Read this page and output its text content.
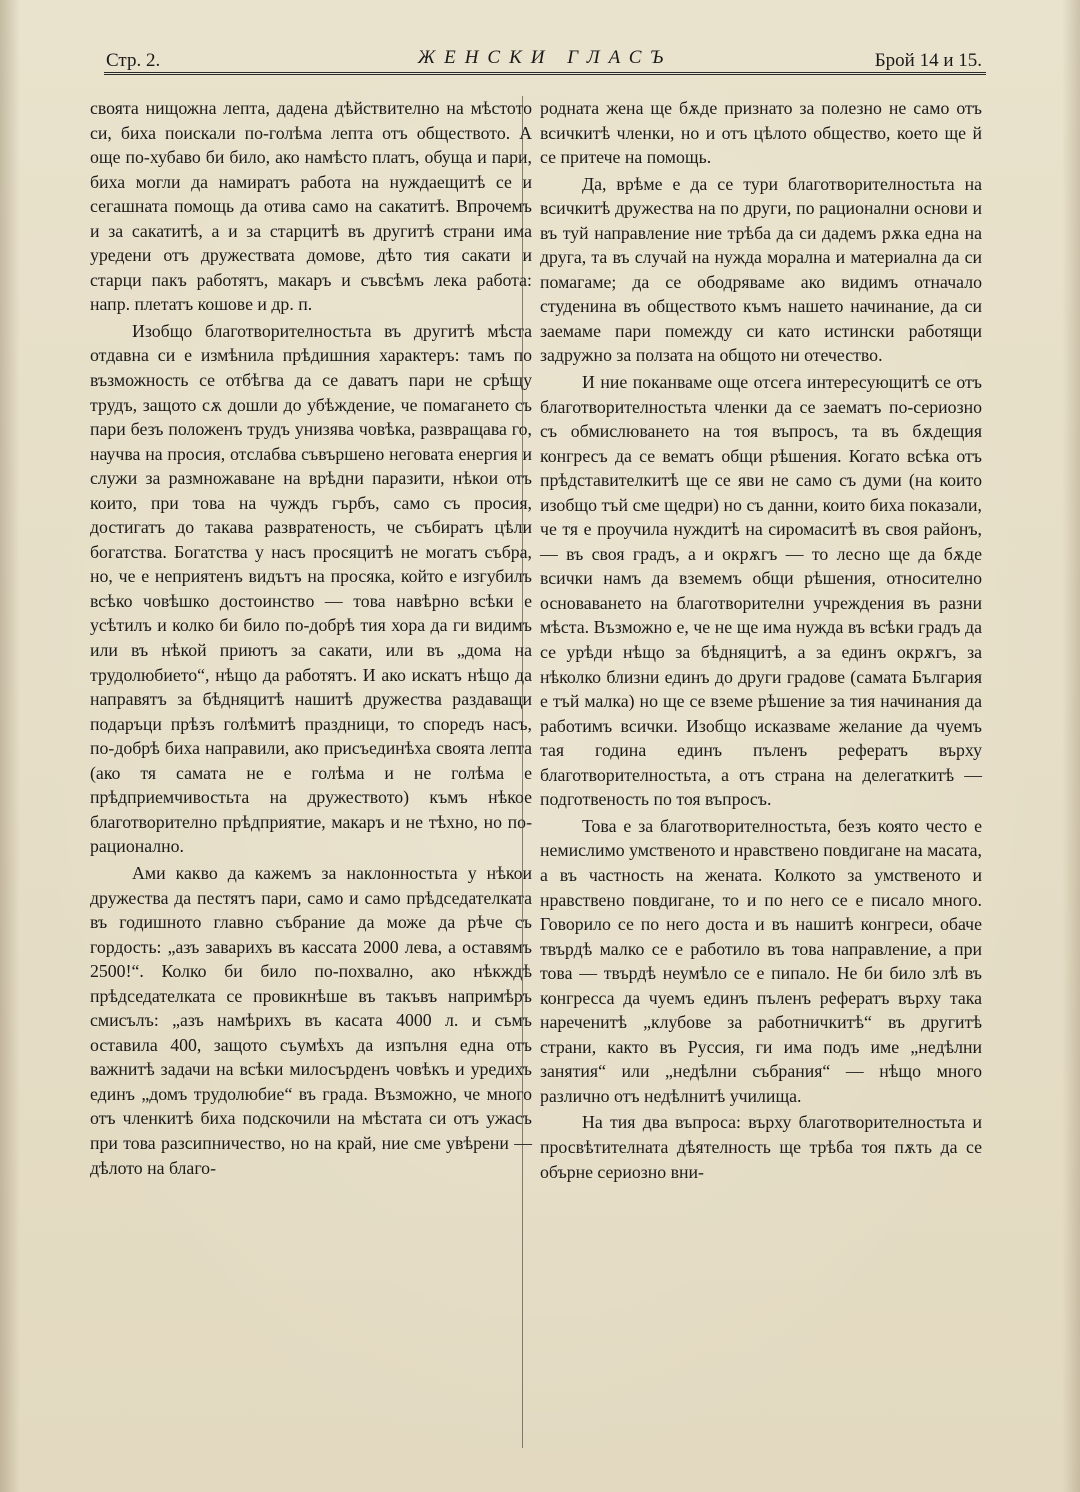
Стр. 2.	ЖЕНСКИ ГЛАСЪ	Брой 14 и 15.

своята нищожна лепта, дадена дѣйствително на мѣстото си, биха поискали по-голѣма лепта отъ обществото. А още по-хубаво би било, ако намѣсто платъ, обуща и пари, биха могли да намиратъ работа на нуждаещитѣ се и сегашната помощь да отива само на сакатитѣ. Впрочемъ и за сакатитѣ, а и за старцитѣ въ другитѣ страни има уредени отъ дружествата домове, дѣто тия сакати и старци пакъ работятъ, макаръ и съвсѣмъ лека работа: напр. плетатъ кошове и др. п.

Изобщо благотворителностьта въ другитѣ мѣста отдавна си е измѣнила прѣдишния характеръ: тамъ по възможность се отбѣгва да се даватъ пари не срѣщу трудъ, защото сѫ дошли до убѣждение, че помагането съ пари безъ положенъ трудъ унизява човѣка, развращава го, научва на просия, отслабва съвършено неговата енергия и служи за размножаване на врѣдни паразити, нѣкои отъ които, при това на чуждъ гърбъ, само съ просия, достигатъ до такава развратеность, че събиратъ цѣли богатства. Богатства у насъ просяцитѣ не могатъ събра, но, че е неприятенъ видътъ на просяка, който е изгубилъ всѣко човѣшко достоинство — това навѣрно всѣки е усѣтилъ и колко би било по-добрѣ тия хора да ги видимъ или въ нѣкой приютъ за сакати, или въ „дома на трудолюбието“, нѣщо да работятъ. И ако искатъ нѣщо да направятъ за бѣдняцитѣ нашитѣ дружества раздаващи подаръци прѣзъ голѣмитѣ праздници, то споредъ насъ, по-добрѣ биха направили, ако присъединѣха своята лепта (ако тя самата не е голѣма и не голѣма е прѣдприемчивостьта на дружеството) къмъ нѣкое благотворително прѣдприятие, макаръ и не тѣхно, но по-рационално.

Ами какво да кажемъ за наклонностьта у нѣкои дружества да пестятъ пари, само и само прѣдседателката въ годишното главно събрание да може да рѣче съ гордость: „азъ заварихъ въ кассата 2000 лева, а оставямъ 2500!“. Колко би било по-похвално, ако нѣкждѣ прѣдседателката се провикнѣше въ такъвъ напримѣръ смисълъ: „азъ намѣрихъ въ касата 4000 л. и съмъ оставила 400, защото съумѣхъ да изпълня една отъ важнитѣ задачи на всѣки милосърденъ човѣкъ и уредихъ единъ „домъ трудолюбие“ въ града. Възможно, че много отъ членкитѣ биха подскочили на мѣстата си отъ ужасъ при това разсипничество, но на край, ние сме увѣрени — дѣлото на благо-

родната жена ще бѫде признато за полезно не само отъ всичкитѣ членки, но и отъ цѣлото общество, което ще й се притече на помощь.

Да, врѣме е да се тури благотворителностьта на всичкитѣ дружества на по други, по рационални основи и въ туй направление ние трѣба да си дадемъ рѫка една на друга, та въ случай на нужда морална и материална да си помагаме; да се ободряваме ако видимъ отначало студенина въ обществото къмъ нашето начинание, да си заемаме пари помежду си като истински работящи задружно за ползата на общото ни отечество.

И ние поканваме още отсега интересующитѣ се отъ благотворителностьта членки да се заематъ по-сериозно съ обмислюването на тоя въпросъ, та въ бѫдещия конгресъ да се вематъ общи рѣшения. Когато всѣка отъ прѣдставителкитѣ ще се яви не само съ думи (на които изобщо тъй сме щедри) но съ данни, които биха показали, че тя е проучила нуждитѣ на сиромаситѣ въ своя районъ, — въ своя градъ, а и окрѫгъ — то лесно ще да бѫде всички намъ да вземемъ общи рѣшения, относително основаването на благотворителни учреждения въ разни мѣста. Възможно е, че не ще има нужда въ всѣки градъ да се урѣди нѣщо за бѣдняцитѣ, а за единъ окрѫгъ, за нѣколко близни единъ до други градове (самата България е тъй малка) но ще се вземе рѣшение за тия начинания да работимъ всички. Изобщо исказваме желание да чуемъ тая година единъ пъленъ рефератъ върху благотворителностьта, а отъ страна на делегаткитѣ — подготвеность по тоя въпросъ.

Това е за благотворителностьта, безъ която често е немислимо умственото и нравствено повдигане на масата, а въ частность на жената. Колкото за умственото и нравствено повдигане, то и по него се е писало много. Говорило се по него доста и въ нашитѣ конгреси, обаче твърдѣ малко се е работило въ това направление, а при това — твърдѣ неумѣло се е пипало. Не би било злѣ въ конгресса да чуемъ единъ пъленъ рефератъ върху така нареченитѣ „клубове за работничкитѣ“ въ другитѣ страни, както въ Руссия, ги има подъ име „недѣлни занятия“ или „недѣлни събрания“ — нѣщо много различно отъ недѣлнитѣ училища.

На тия два въпроса: върху благотворителностьта и просвѣтителната дѣятелность ще трѣба тоя пѫть да се обърне сериозно вни-
